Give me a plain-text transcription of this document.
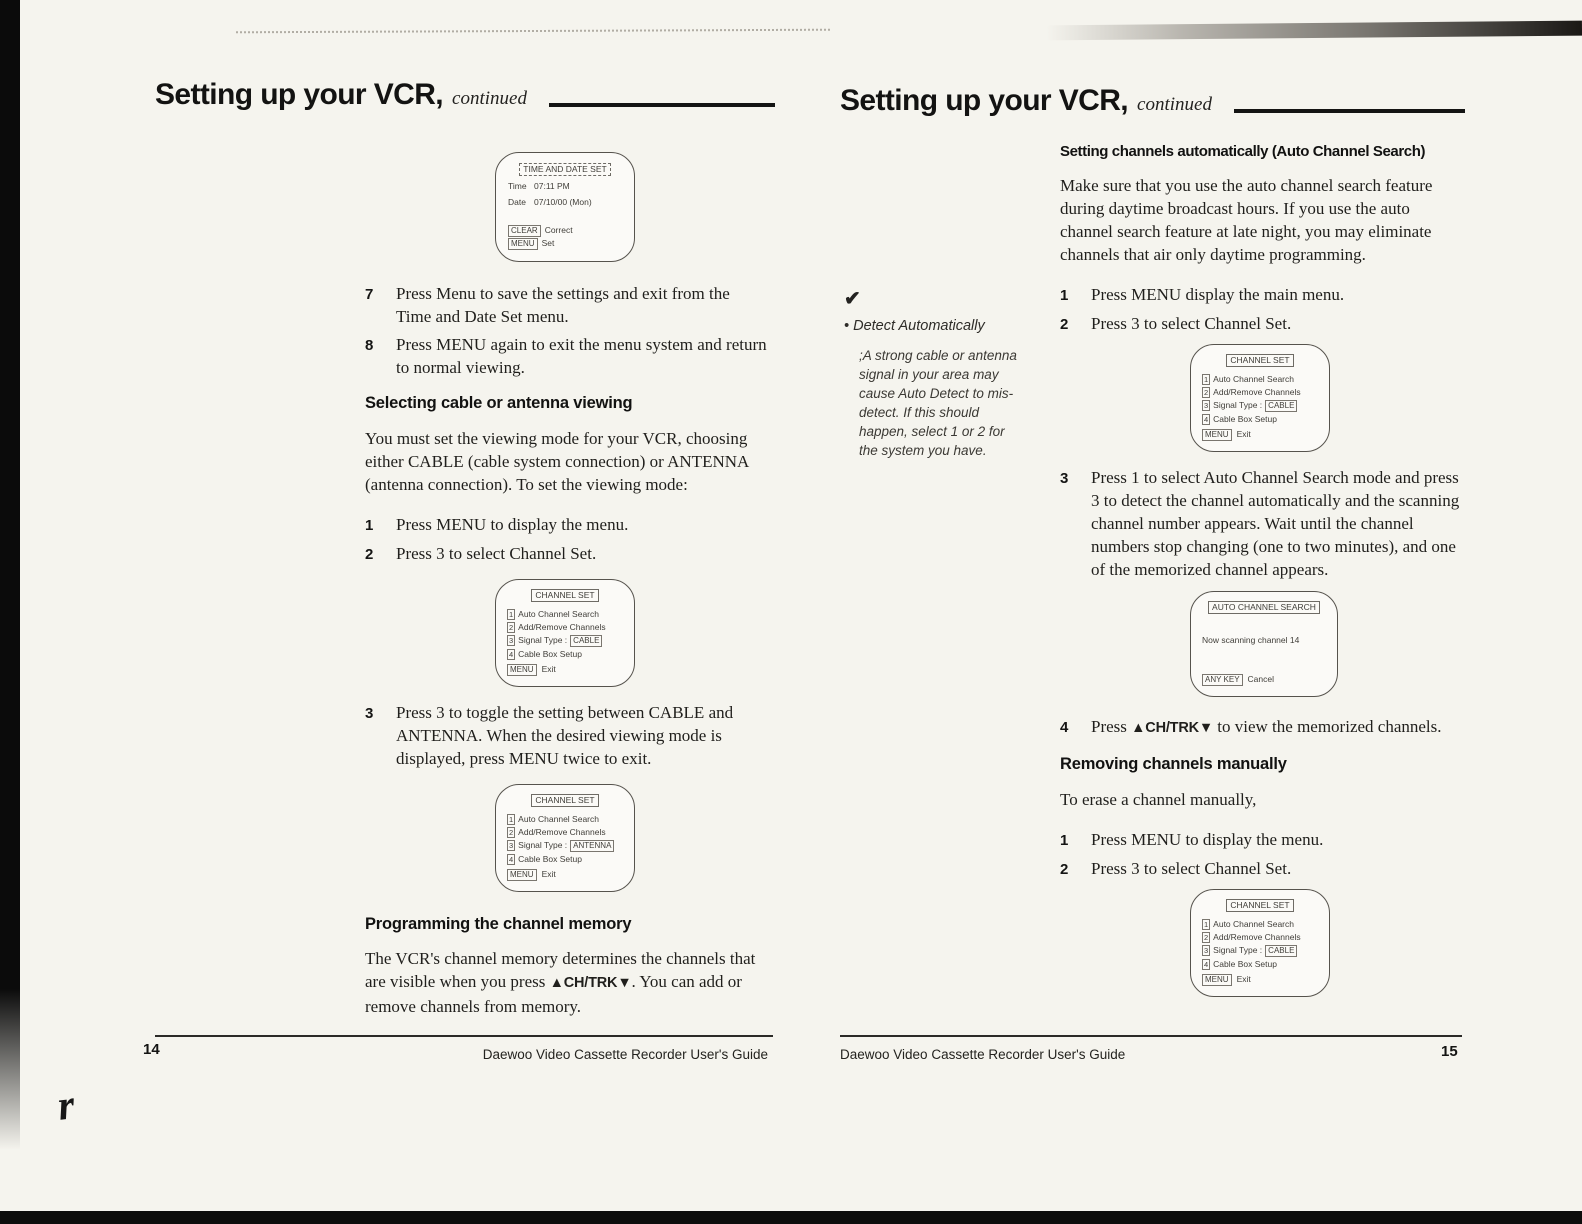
r
Setting up your VCR, continued
TIME AND DATE SET
Time 07:11 PM
Date 07/10/00 (Mon)
CLEAR Correct
MENU Set
7	Press Menu to save the settings and exit from the Time and Date Set menu.
8	Press MENU again to exit the menu system and return to normal viewing.
Selecting cable or antenna viewing

You must set the viewing mode for your VCR, choosing either CABLE (cable system connection) or ANTENNA (antenna connection). To set the viewing mode:

1	Press MENU to display the menu.
2	Press 3 to select Channel Set.
CHANNEL SET
1 Auto Channel Search
2 Add/Remove Channels
3 Signal Type : CABLE
4 Cable Box Setup
MENU Exit
3	Press 3 to toggle the setting between CABLE and ANTENNA. When the desired viewing mode is displayed, press MENU twice to exit.
CHANNEL SET
1 Auto Channel Search
2 Add/Remove Channels
3 Signal Type : ANTENNA
4 Cable Box Setup
MENU Exit
Programming the channel memory

The VCR's channel memory determines the channels that are visible when you press ▲CH/TRK▼. You can add or remove channels from memory.

Setting up your VCR, continued
Setting channels automatically (Auto Channel Search)

Make sure that you use the auto channel search feature during daytime broadcast hours. If you use the auto channel search feature at late night, you may eliminate channels that air only daytime programming.

1	Press MENU display the main menu.
2	Press 3 to select Channel Set.
CHANNEL SET
1 Auto Channel Search
2 Add/Remove Channels
3 Signal Type : CABLE
4 Cable Box Setup
MENU Exit
3	Press 1 to select Auto Channel Search mode and press 3 to detect the channel automatically and the scanning channel number appears. Wait until the channel numbers stop changing (one to two minutes), and one of the memorized channel appears.
AUTO CHANNEL SEARCH
Now scanning channel 14
ANY KEY Cancel
4	Press ▲CH/TRK▼ to view the memorized channels.
Removing channels manually

To erase a channel manually,

1	Press MENU to display the menu.
2	Press 3 to select Channel Set.
CHANNEL SET
1 Auto Channel Search
2 Add/Remove Channels
3 Signal Type : CABLE
4 Cable Box Setup
MENU Exit
✔
• Detect Automatically
;A strong cable or antenna signal in your area may cause Auto Detect to mis-detect. If this should happen, select 1 or 2 for the system you have.
14	Daewoo Video Cassette Recorder User's Guide	Daewoo Video Cassette Recorder User's Guide	15
